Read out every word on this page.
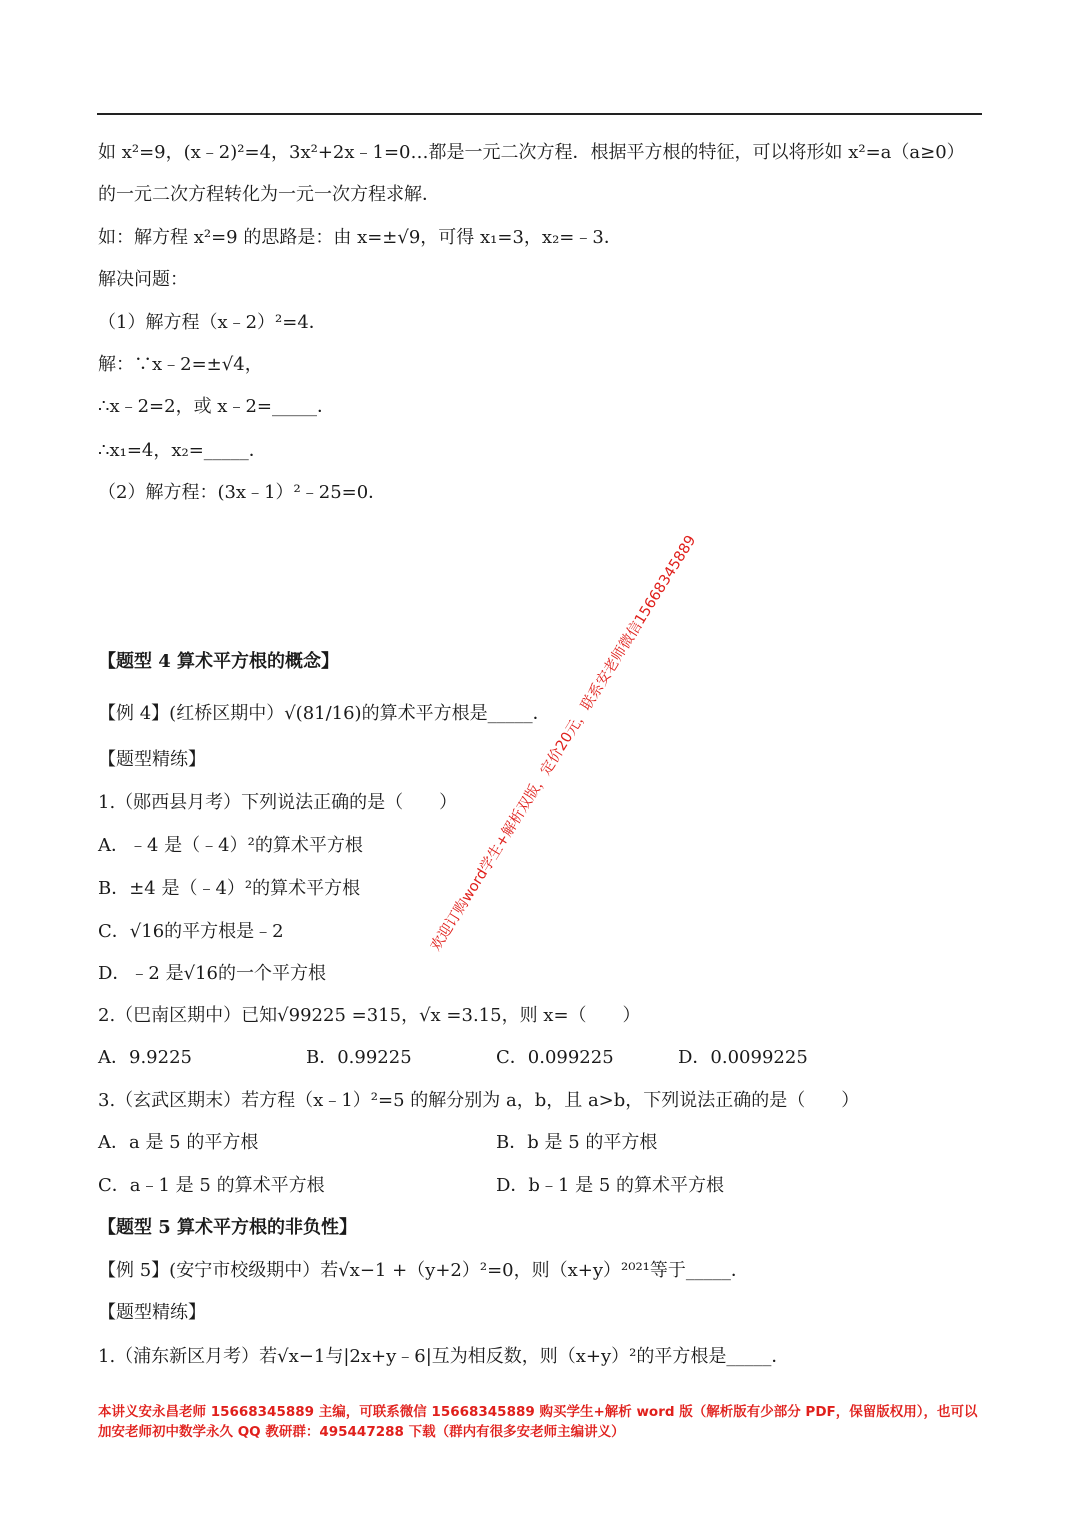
如 x²=9，(x﹣2)²=4，3x²+2x﹣1=0…都是一元二次方程．根据平方根的特征，可以将形如 x²=a（a≥0）
的一元二次方程转化为一元一次方程求解．
如：解方程 x²=9 的思路是：由 x=±√9，可得 x₁=3，x₂=﹣3．
解决问题：
（1）解方程（x﹣2）²=4．
解：∵x﹣2=±√4，
∴x﹣2=2，或 x﹣2=_____．
∴x₁=4，x₂=_____．
（2）解方程：(3x﹣1）²﹣25=0．
【题型 4 算术平方根的概念】
【例 4】(红桥区期中）√(81/16)的算术平方根是_____．
【题型精练】
1.（郧西县月考）下列说法正确的是（　　）
A．﹣4 是（﹣4）²的算术平方根
B．±4 是（﹣4）²的算术平方根
C．√16的平方根是﹣2
D．﹣2 是√16的一个平方根
2.（巴南区期中）已知√99225 =315，√x =3.15，则 x=（　　）
A．9.9225	B．0.99225	C．0.099225	D．0.0099225
3.（玄武区期末）若方程（x﹣1）²=5 的解分别为 a，b，且 a>b，下列说法正确的是（　　）
A．a 是 5 的平方根	B．b 是 5 的平方根
C．a﹣1 是 5 的算术平方根	D．b﹣1 是 5 的算术平方根
【题型 5 算术平方根的非负性】
【例 5】(安宁市校级期中）若√x−1 +（y+2）²=0，则（x+y）²⁰²¹等于_____．
【题型精练】
1.（浦东新区月考）若√x−1与|2x+y﹣6|互为相反数，则（x+y）²的平方根是_____．
本讲义安永昌老师 15668345889 主编，可联系微信 15668345889 购买学生+解析 word 版（解析版有少部分 PDF，保留版权用），也可以加安老师初中数学永久 QQ 教研群：495447288 下载（群内有很多安老师主编讲义）
欢迎订购word学生+解析双版，定价20元，联系安老师微信15668345889
